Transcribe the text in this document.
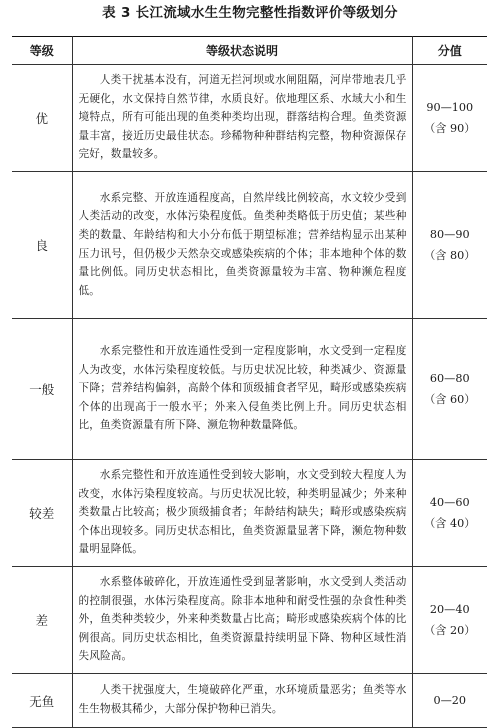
表 3 长江流域水生生物完整性指数评价等级划分
等级	等级状态说明	分值
优	人类干扰基本没有，河道无拦河坝或水闸阻隔，河岸带地表几乎无硬化，水文保持自然节律，水质良好。依地理区系、水域大小和生境特点，所有可能出现的鱼类种类均出现，群落结构合理。鱼类资源量丰富，接近历史最佳状态。珍稀物种种群结构完整，物种资源保存完好，数量较多。	90—100
（含 90）

良	水系完整、开放连通程度高，自然岸线比例较高，水文较少受到人类活动的改变，水体污染程度低。鱼类种类略低于历史值；某些种类的数量、年龄结构和大小分布低于期望标准；营养结构显示出某种压力讯号，但仍极少天然杂交或感染疾病的个体；非本地种个体的数量比例低。同历史状态相比，鱼类资源量较为丰富、物种濒危程度低。	80—90
（含 80）

一般	水系完整性和开放连通性受到一定程度影响，水文受到一定程度人为改变，水体污染程度较低。与历史状况比较，种类减少、资源量下降；营养结构偏斜，高龄个体和顶级捕食者罕见，畸形或感染疾病个体的出现高于一般水平；外来入侵鱼类比例上升。同历史状态相比，鱼类资源量有所下降、濒危物种数量降低。	60—80
（含 60）

较差	水系完整性和开放连通性受到较大影响，水文受到较大程度人为改变，水体污染程度较高。与历史状况比较，种类明显减少；外来种类数量占比较高；极少顶级捕食者；年龄结构缺失；畸形或感染疾病个体出现较多。同历史状态相比，鱼类资源量显著下降，濒危物种数量明显降低。	40—60
（含 40）

差	水系整体破碎化，开放连通性受到显著影响，水文受到人类活动的控制很强，水体污染程度高。除非本地种和耐受性强的杂食性种类外，鱼类种类较少，外来种类数量占比高；畸形或感染疾病个体的比例很高。同历史状态相比，鱼类资源量持续明显下降、物种区域性消失风险高。	20—40
（含 20）

无鱼	人类干扰强度大，生境破碎化严重，水环境质量恶劣；鱼类等水生生物极其稀少，大部分保护物种已消失。	0—20
